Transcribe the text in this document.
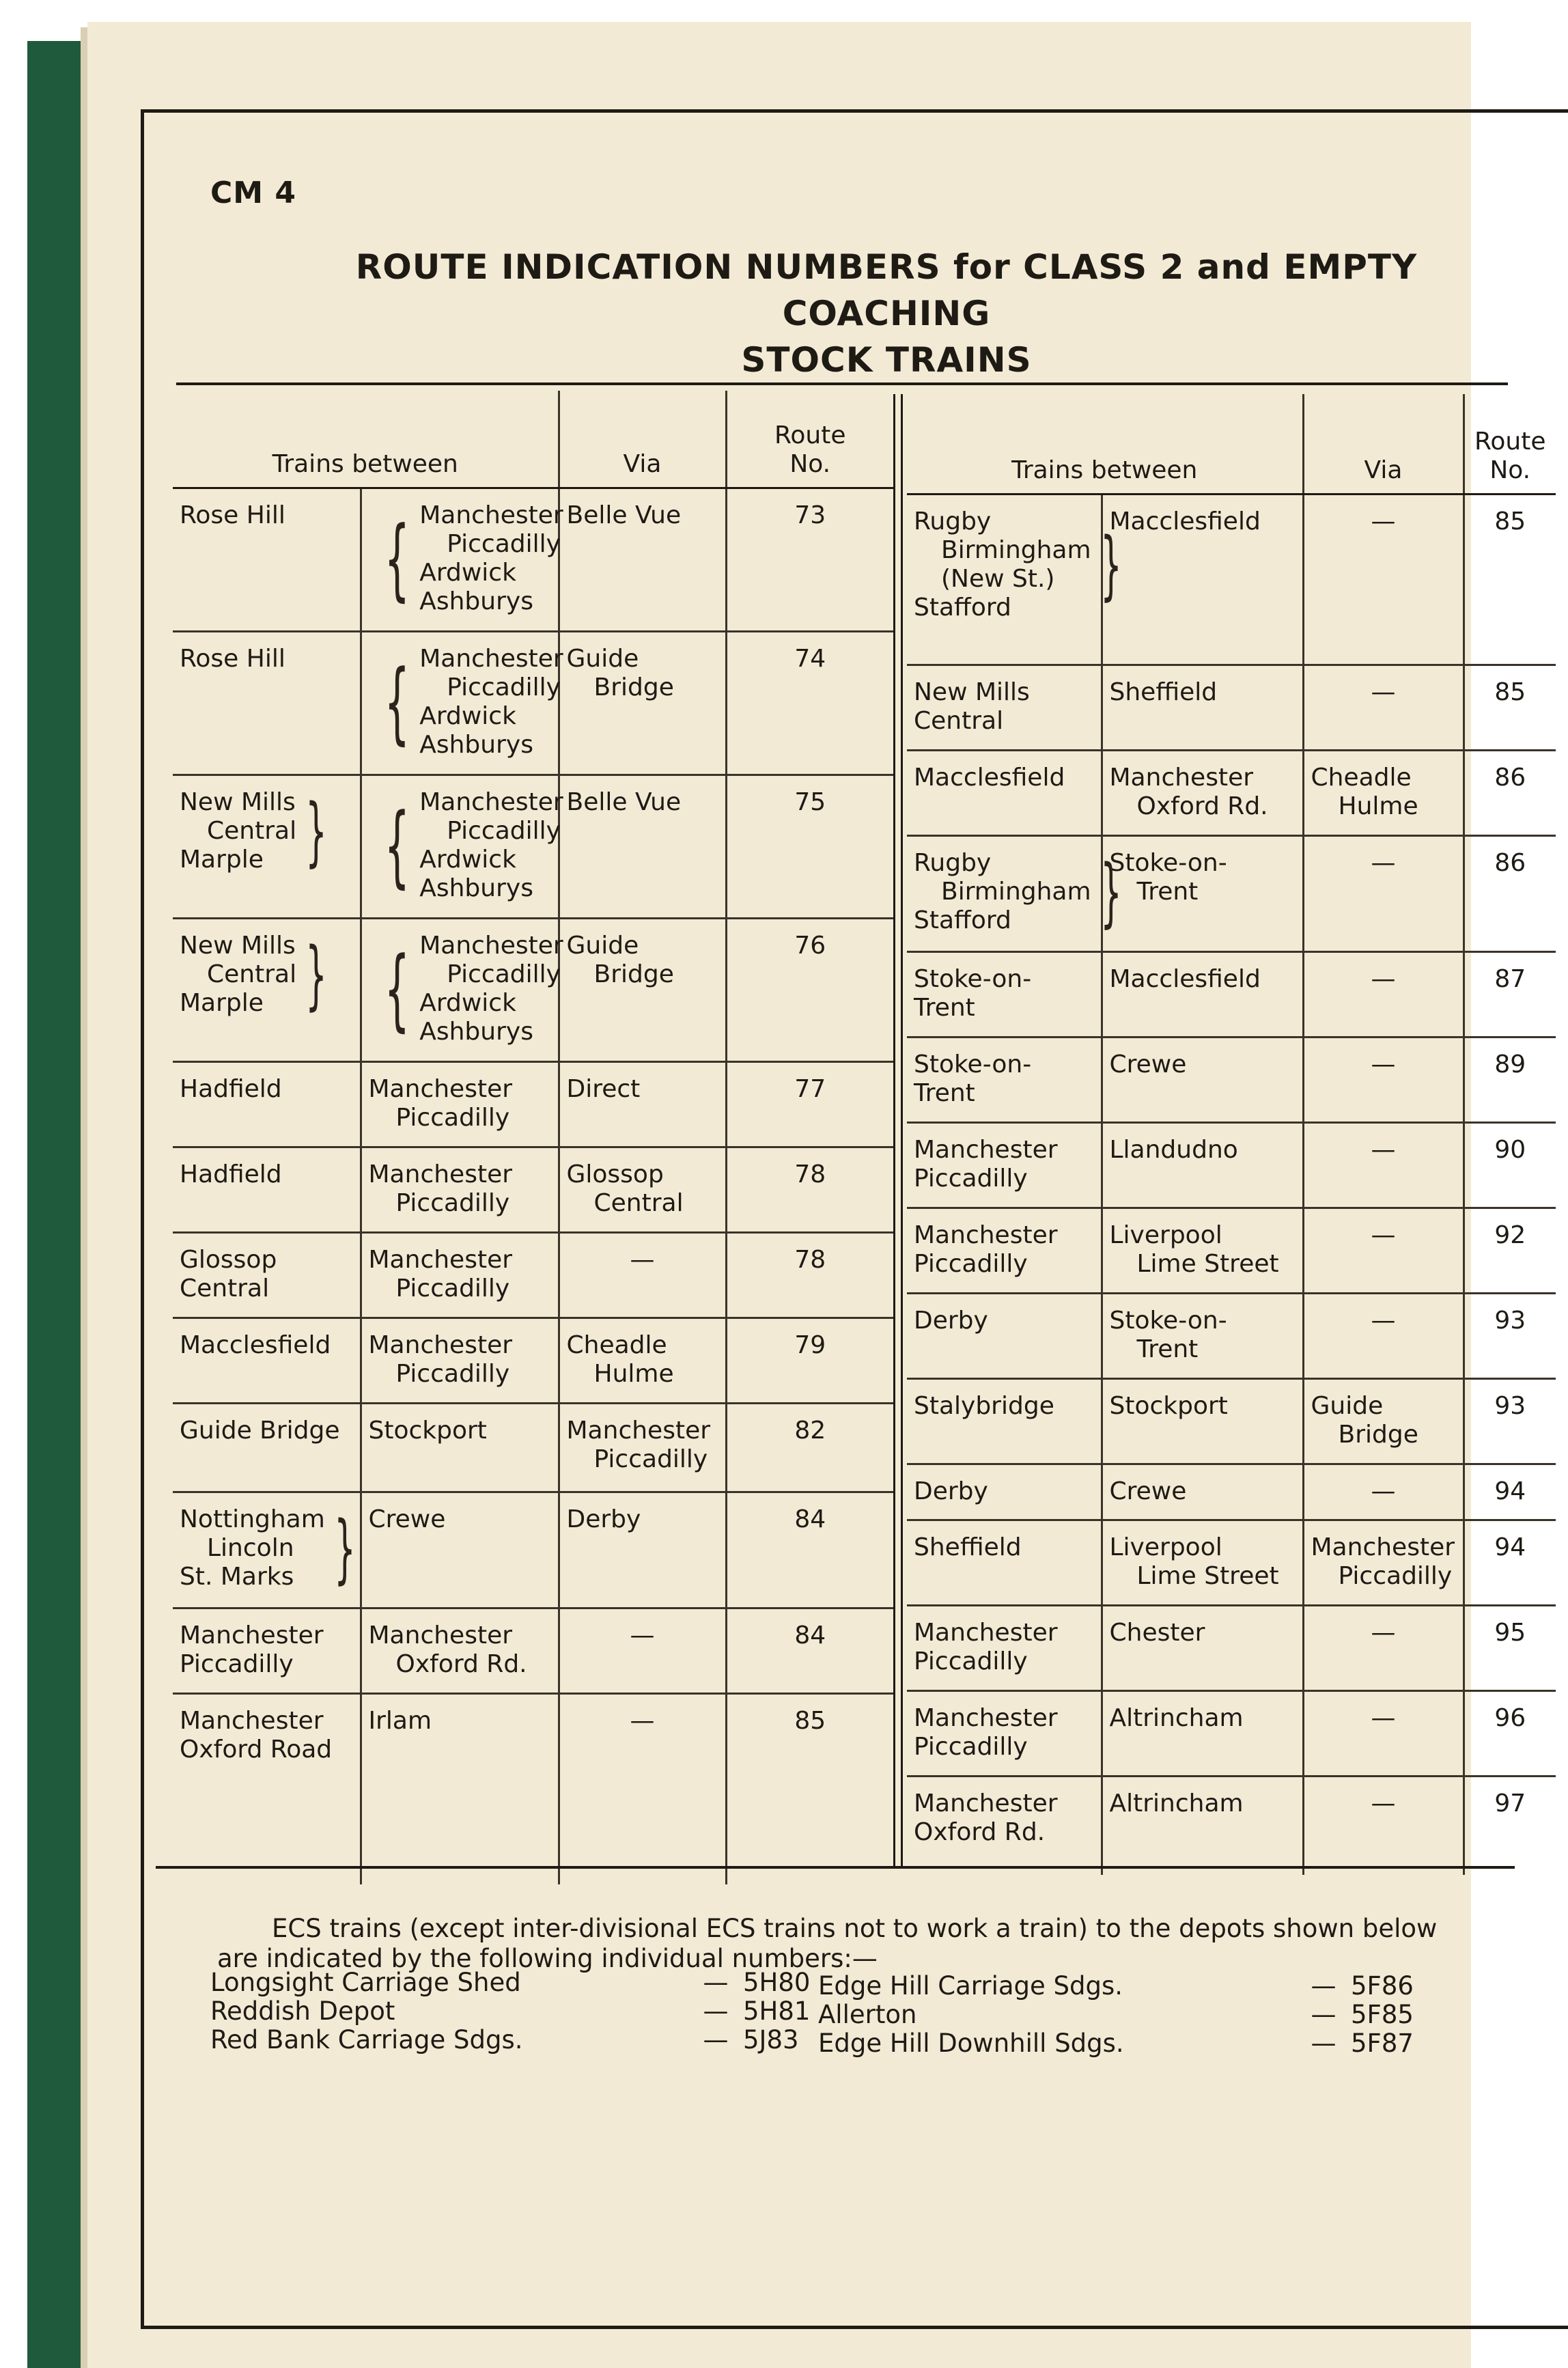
CM 4
ROUTE INDICATION NUMBERS for CLASS 2 and EMPTY COACHING
STOCK TRAINS
Trains between		Via	Route
No.

Rose Hill	{ Manchester
Piccadilly
Ardwick
Ashburys	Belle Vue	73

Rose Hill	{ Manchester
Piccadilly
Ardwick
Ashburys	Guide
Bridge	74

New Mills
Central
Marple }	{ Manchester
Piccadilly
Ardwick
Ashburys	Belle Vue	75

New Mills
Central
Marple }	{ Manchester
Piccadilly
Ardwick
Ashburys	Guide
Bridge	76

Hadfield	Manchester
Piccadilly	Direct	77

Hadfield	Manchester
Piccadilly	Glossop
Central	78

Glossop
Central	Manchester
Piccadilly	—	78

Macclesfield	Manchester
Piccadilly	Cheadle
Hulme	79

Guide Bridge	Stockport	Manchester
Piccadilly	82

Nottingham
Lincoln
St. Marks }	Crewe	Derby	84

Manchester
Piccadilly	Manchester
Oxford Rd.	—	84

Manchester
Oxford Road	Irlam	—	85
Trains between		Via	Route
No.

Rugby
Birmingham
(New St.)
Stafford }	Macclesfield	—	85

New Mills
Central	Sheffield	—	85

Macclesfield	Manchester
Oxford Rd.	Cheadle
Hulme	86

Rugby
Birmingham
Stafford }	Stoke-on-
Trent	—	86

Stoke-on-
Trent	Macclesfield	—	87

Stoke-on-
Trent	Crewe	—	89

Manchester
Piccadilly	Llandudno	—	90

Manchester
Piccadilly	Liverpool
Lime Street	—	92

Derby	Stoke-on-
Trent	—	93

Stalybridge	Stockport	Guide
Bridge	93

Derby	Crewe	—	94

Sheffield	Liverpool
Lime Street	Manchester
Piccadilly	94

Manchester
Piccadilly	Chester	—	95

Manchester
Piccadilly	Altrincham	—	96

Manchester
Oxford Rd.	Altrincham	—	97
ECS trains (except inter-divisional ECS trains not to work a train) to the depots shown below are indicated by the following individual numbers:—
Longsight Carriage Shed	— 5H80
Reddish Depot	— 5H81
Red Bank Carriage Sdgs.	— 5J83
Edge Hill Carriage Sdgs.	— 5F86
Allerton	— 5F85
Edge Hill Downhill Sdgs.	— 5F87
